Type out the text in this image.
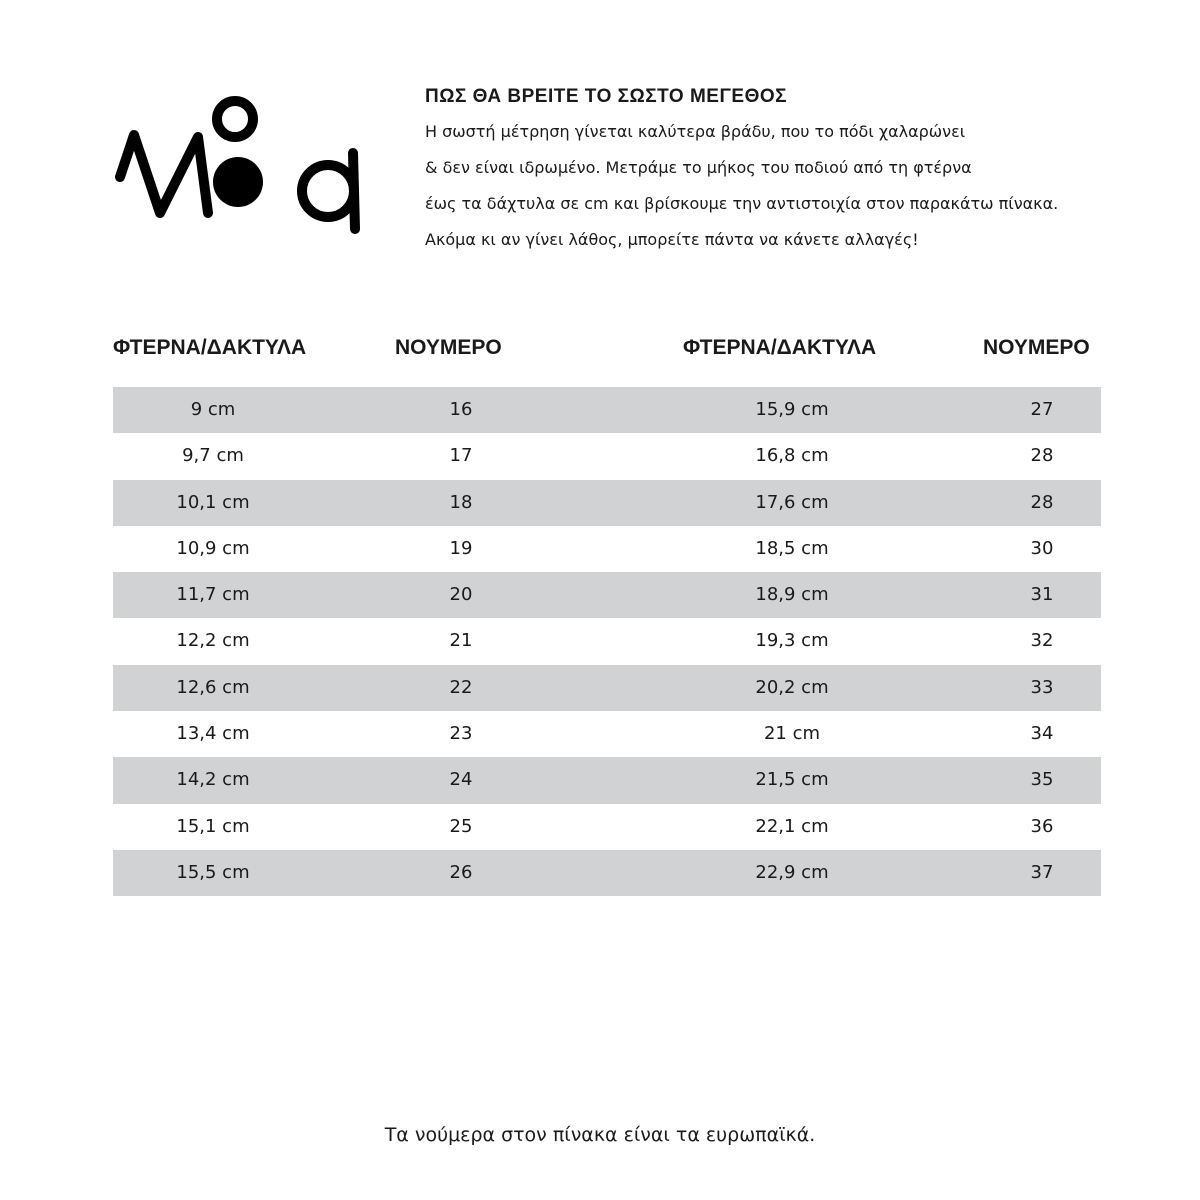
ΠΩΣ ΘΑ ΒΡΕΙΤΕ ΤΟ ΣΩΣΤΟ ΜΕΓΕΘΟΣ

Η σωστή μέτρηση γίνεται καλύτερα βράδυ, που το πόδι χαλαρώνει

& δεν είναι ιδρωμένο. Μετράμε το μήκος του ποδιού από τη φτέρνα

έως τα δάχτυλα σε cm και βρίσκουμε την αντιστοιχία στον παρακάτω πίνακα.

Ακόμα κι αν γίνει λάθος, μπορείτε πάντα να κάνετε αλλαγές!

ΦΤΕΡΝΑ/ΔΑΚΤΥΛΑ	ΝΟΥΜΕΡΟ	ΦΤΕΡΝΑ/ΔΑΚΤΥΛΑ	ΝΟΥΜΕΡΟ
9 cm	16	15,9 cm	27
9,7 cm	17	16,8 cm	28
10,1 cm	18	17,6 cm	28
10,9 cm	19	18,5 cm	30
11,7 cm	20	18,9 cm	31
12,2 cm	21	19,3 cm	32
12,6 cm	22	20,2 cm	33
13,4 cm	23	21 cm	34
14,2 cm	24	21,5 cm	35
15,1 cm	25	22,1 cm	36
15,5 cm	26	22,9 cm	37
Τα νούμερα στον πίνακα είναι τα ευρωπαϊκά.
